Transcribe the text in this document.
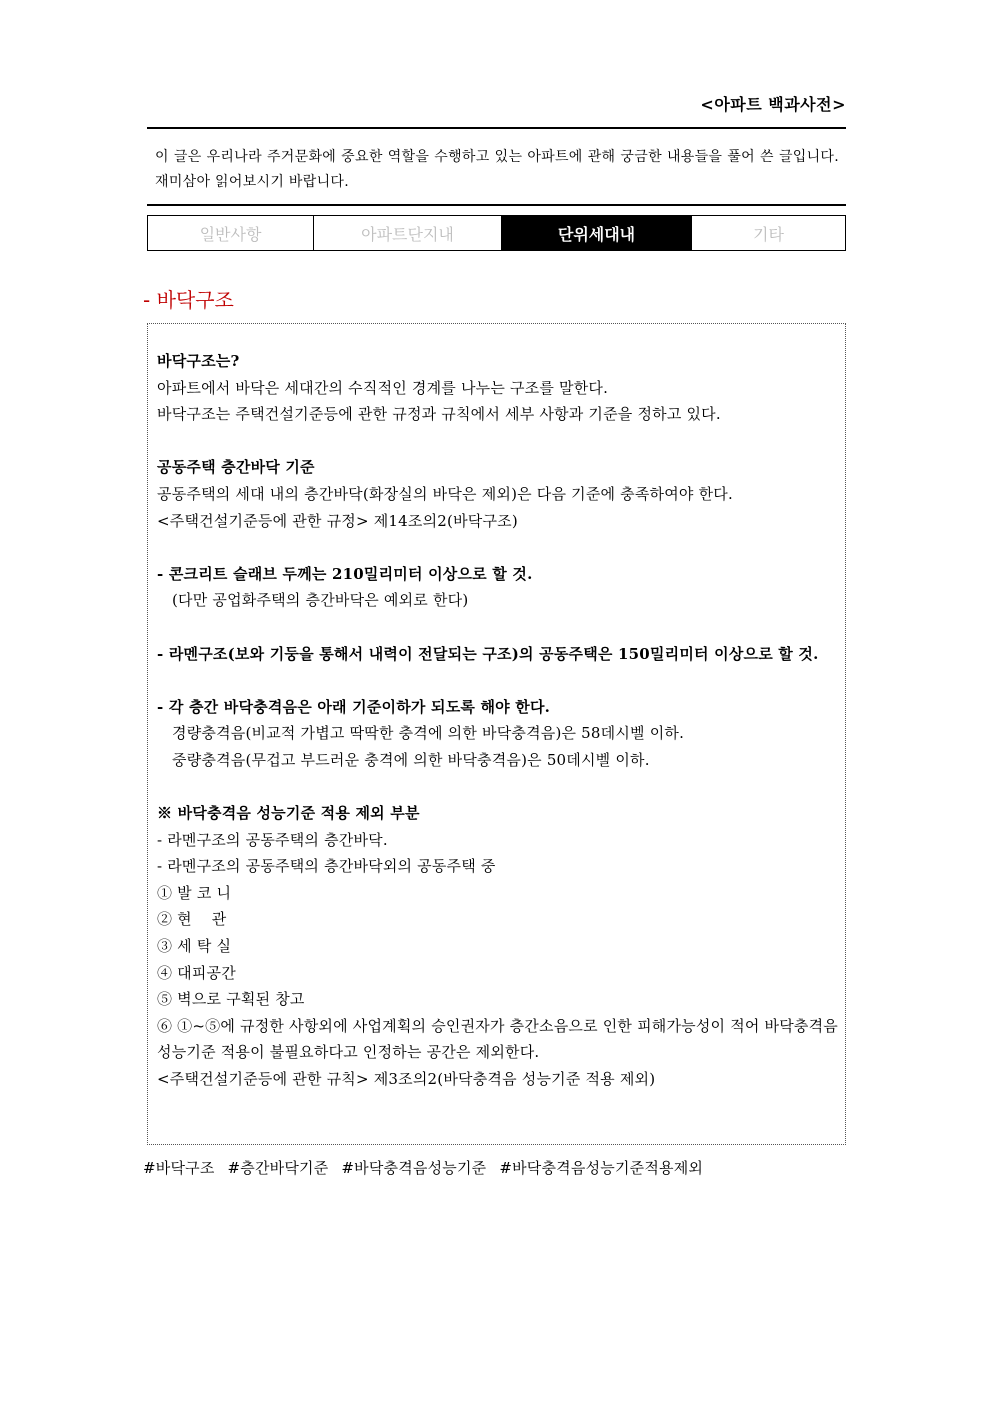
<아파트 백과사전>
이 글은 우리나라 주거문화에 중요한 역할을 수행하고 있는 아파트에 관해 궁금한 내용들을 풀어 쓴 글입니다. 재미삼아 읽어보시기 바랍니다.
일반사항	아파트단지내	단위세대내	기타
- 바닥구조

바닥구조는?

아파트에서 바닥은 세대간의 수직적인 경계를 나누는 구조를 말한다.

바닥구조는 주택건설기준등에 관한 규정과 규칙에서 세부 사항과 기준을 정하고 있다.

공동주택 층간바닥 기준

공동주택의 세대 내의 층간바닥(화장실의 바닥은 제외)은 다음 기준에 충족하여야 한다.

<주택건설기준등에 관한 규정> 제14조의2(바닥구조)

- 콘크리트 슬래브 두께는 210밀리미터 이상으로 할 것.

(다만 공업화주택의 층간바닥은 예외로 한다)

- 라멘구조(보와 기둥을 통해서 내력이 전달되는 구조)의 공동주택은 150밀리미터 이상으로 할 것.

- 각 층간 바닥충격음은 아래 기준이하가 되도록 해야 한다.

경량충격음(비교적 가볍고 딱딱한 충격에 의한 바닥충격음)은 58데시벨 이하.

중량충격음(무겁고 부드러운 충격에 의한 바닥충격음)은 50데시벨 이하.

※ 바닥충격음 성능기준 적용 제외 부분

- 라멘구조의 공동주택의 층간바닥.

- 라멘구조의 공동주택의 층간바닥외의 공동주택 중

① 발 코 니

② 현    관

③ 세 탁 실

④ 대피공간

⑤ 벽으로 구획된 창고

⑥ ①~⑤에 규정한 사항외에 사업계획의 승인권자가 층간소음으로 인한 피해가능성이 적어 바닥충격음 성능기준 적용이 불필요하다고 인정하는 공간은 제외한다.

<주택건설기준등에 관한 규칙> 제3조의2(바닥충격음 성능기준 적용 제외)

#바닥구조 #층간바닥기준 #바닥충격음성능기준 #바닥충격음성능기준적용제외
